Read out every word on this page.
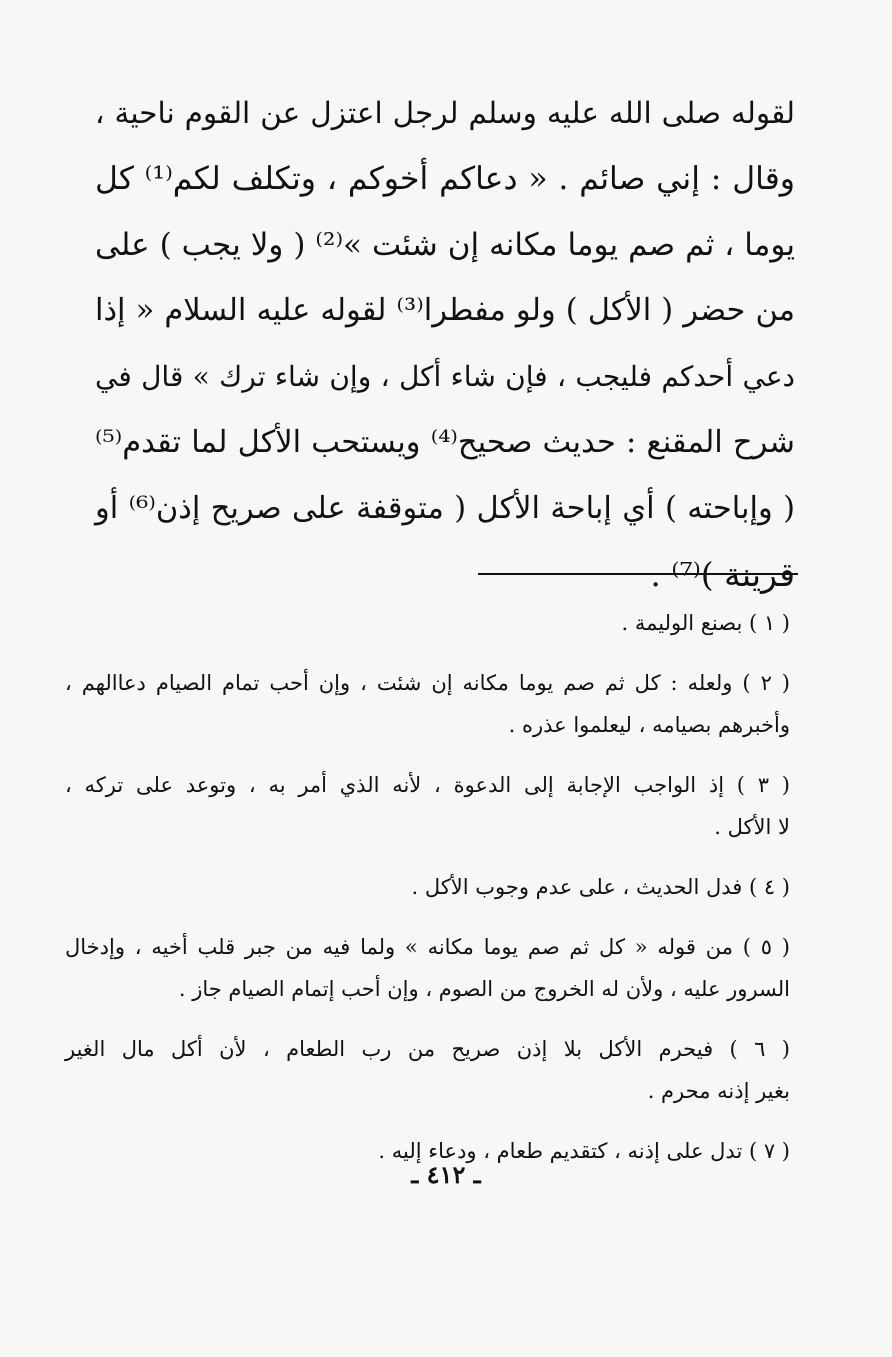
لقوله صلى الله عليه وسلم لرجل اعتزل عن القوم ناحية ،
وقال : إني صائم . « دعاكم أخوكم ، وتكلف لكم⁽¹⁾ كل
يوما ، ثم صم يوما مكانه إن شئت »⁽²⁾ ( ولا يجب ) على
من حضر ( الأكل ) ولو مفطرا⁽³⁾ لقوله عليه السلام « إذا
دعي أحدكم فليجب ، فإن شاء أكل ، وإن شاء ترك » قال في
شرح المقنع : حديث صحيح⁽⁴⁾ ويستحب الأكل لما تقدم⁽⁵⁾
( وإباحته ) أي إباحة الأكل ( متوقفة على صريح إذن⁽⁶⁾ أو
قرينة )⁽⁷⁾ .
( ١ ) بصنع الوليمة .
( ٢ ) ولعله : كل ثم صم يوما مكانه إن شئت ، وإن أحب تمام الصيام دعاالهم ،
وأخبرهم بصيامه ، ليعلموا عذره .
( ٣ ) إذ الواجب الإجابة إلى الدعوة ، لأنه الذي أمر به ، وتوعد على تركه ،
لا الأكل .
( ٤ ) فدل الحديث ، على عدم وجوب الأكل .
( ٥ ) من قوله « كل ثم صم يوما مكانه » ولما فيه من جبر قلب أخيه ، وإدخال
السرور عليه ، ولأن له الخروج من الصوم ، وإن أحب إتمام الصيام جاز .
( ٦ ) فيحرم الأكل بلا إذن صريح من رب الطعام ، لأن أكل مال الغير
بغير إذنه محرم .
( ٧ ) تدل على إذنه ، كتقديم طعام ، ودعاء إليه .
ـ ٤١٢ ـ
